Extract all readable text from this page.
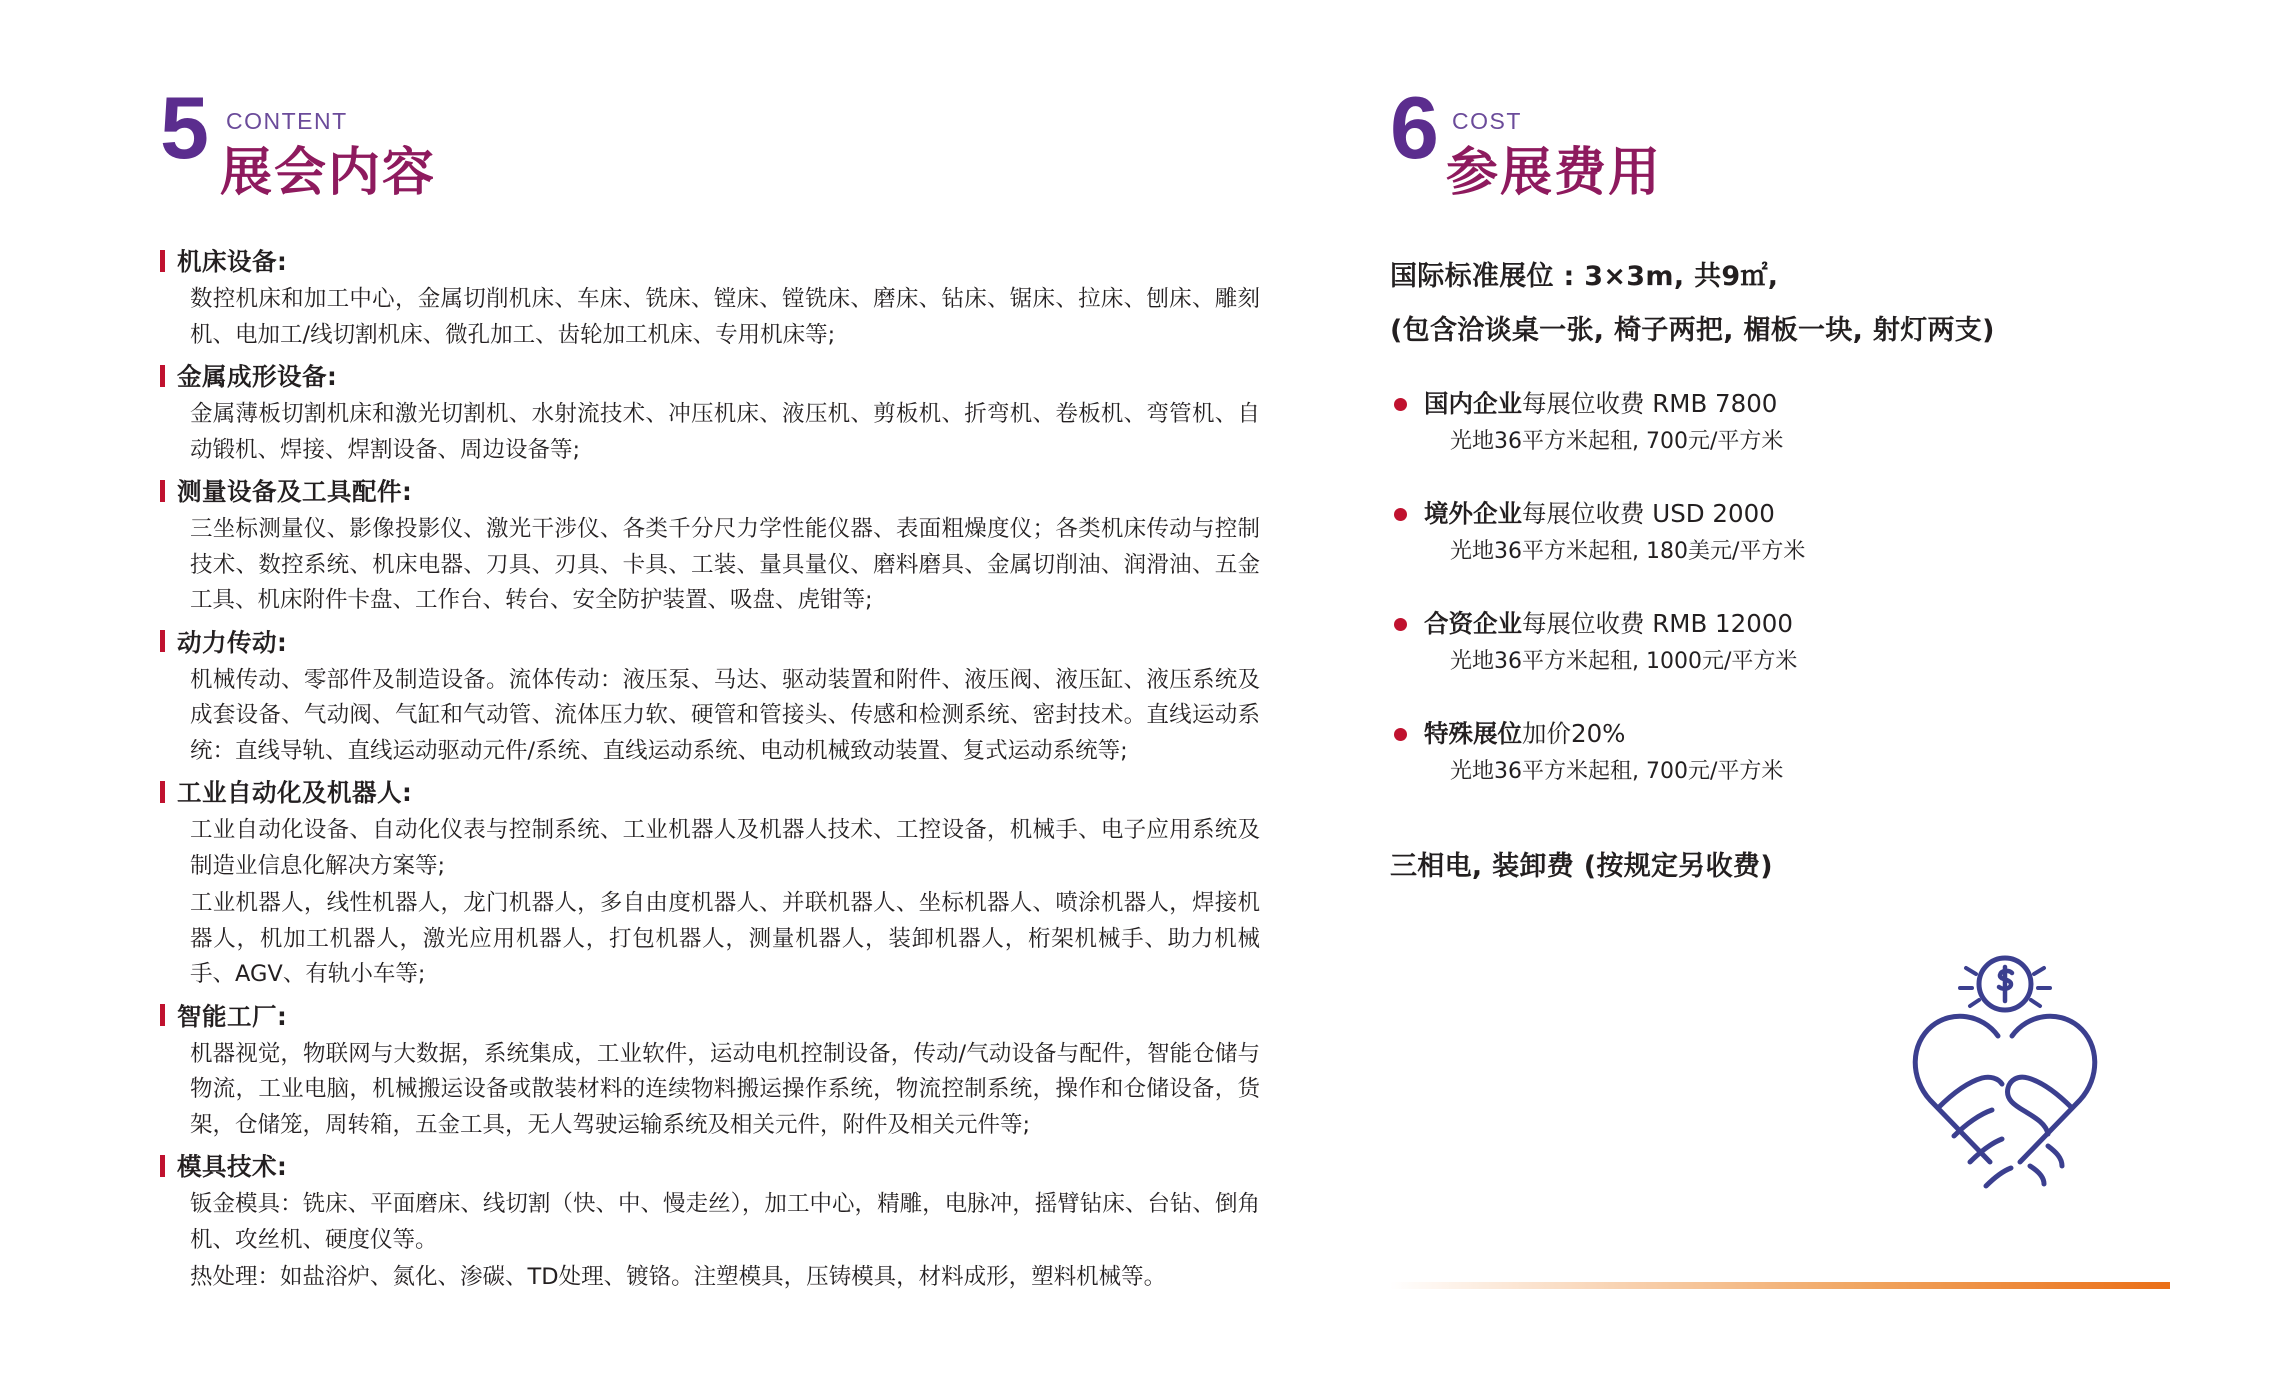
5 CONTENT
展会内容
机床设备:

数控机床和加工中心，金属切削机床、车床、铣床、镗床、镗铣床、磨床、钻床、锯床、拉床、刨床、雕刻机、电加工/线切割机床、微孔加工、齿轮加工机床、专用机床等;

金属成形设备:

金属薄板切割机床和激光切割机、水射流技术、冲压机床、液压机、剪板机、折弯机、卷板机、弯管机、自动锻机、焊接、焊割设备、周边设备等;

测量设备及工具配件:

三坐标测量仪、影像投影仪、激光干涉仪、各类千分尺力学性能仪器、表面粗燥度仪；各类机床传动与控制技术、数控系统、机床电器、刀具、刃具、卡具、工装、量具量仪、磨料磨具、金属切削油、润滑油、五金工具、机床附件卡盘、工作台、转台、安全防护装置、吸盘、虎钳等;

动力传动:

机械传动、零部件及制造设备。流体传动：液压泵、马达、驱动装置和附件、液压阀、液压缸、液压系统及成套设备、气动阀、气缸和气动管、流体压力软、硬管和管接头、传感和检测系统、密封技术。直线运动系统：直线导轨、直线运动驱动元件/系统、直线运动系统、电动机械致动装置、复式运动系统等;

工业自动化及机器人:

工业自动化设备、自动化仪表与控制系统、工业机器人及机器人技术、工控设备，机械手、电子应用系统及制造业信息化解决方案等;

工业机器人，线性机器人，龙门机器人，多自由度机器人、并联机器人、坐标机器人、喷涂机器人，焊接机器人，机加工机器人，激光应用机器人，打包机器人，测量机器人，装卸机器人，桁架机械手、助力机械手、AGV、有轨小车等;

智能工厂:

机器视觉，物联网与大数据，系统集成，工业软件，运动电机控制设备，传动/气动设备与配件，智能仓储与物流，工业电脑，机械搬运设备或散装材料的连续物料搬运操作系统，物流控制系统，操作和仓储设备，货架，仓储笼，周转箱，五金工具，无人驾驶运输系统及相关元件，附件及相关元件等;

模具技术:

钣金模具：铣床、平面磨床、线切割（快、中、慢走丝），加工中心，精雕，电脉冲，摇臂钻床、台钻、倒角机、攻丝机、硬度仪等。

热处理：如盐浴炉、氮化、渗碳、TD处理、镀铬。注塑模具，压铸模具，材料成形，塑料机械等。

6 COST
参展费用
国际标准展位 : 3×3m, 共9㎡,
(包含洽谈桌一张, 椅子两把, 楣板一块, 射灯两支)
国内企业每展位收费 RMB 7800
光地36平方米起租, 700元/平方米
境外企业每展位收费 USD 2000
光地36平方米起租, 180美元/平方米
合资企业每展位收费 RMB 12000
光地36平方米起租, 1000元/平方米
特殊展位加价20%
光地36平方米起租, 700元/平方米
三相电, 装卸费 (按规定另收费)
